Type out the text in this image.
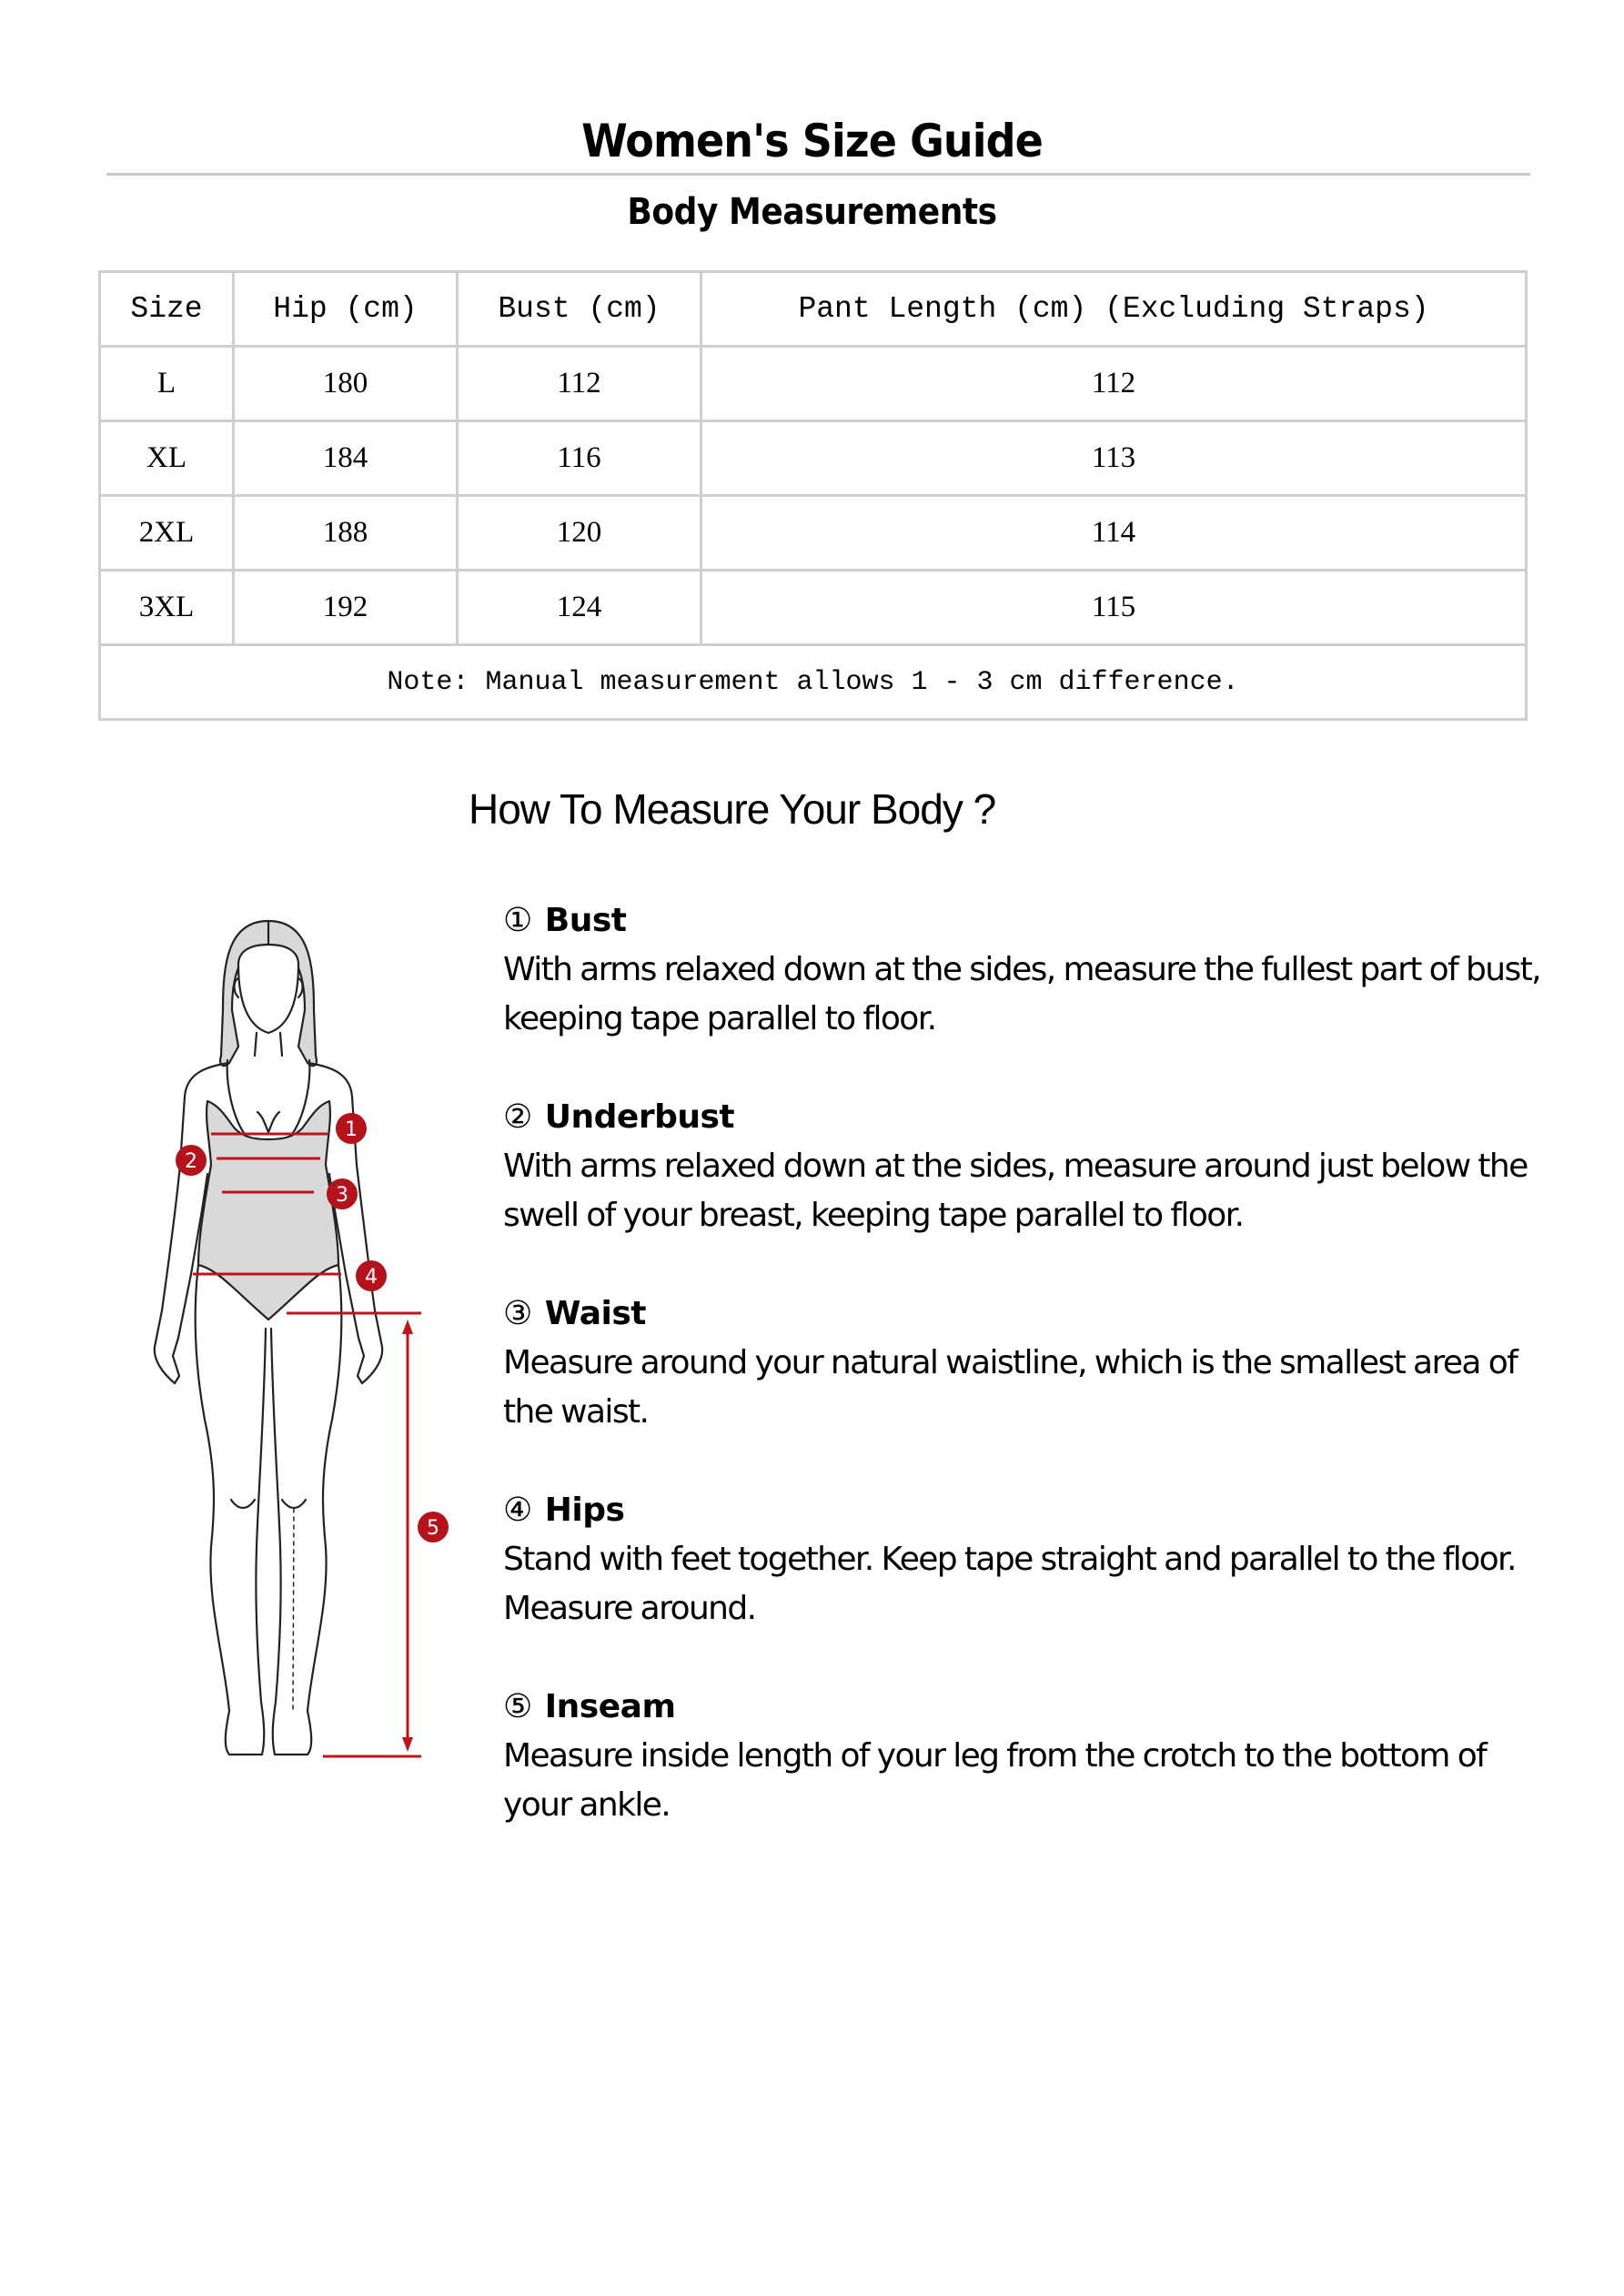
Women's Size Guide
Body Measurements
Size	Hip (cm)	Bust (cm)	Pant Length (cm) (Excluding Straps)
L	180	112	112
XL	184	116	113
2XL	188	120	114
3XL	192	124	115
Note: Manual measurement allows 1 - 3 cm difference.			
How To Measure Your Body ?
1
2
3
4
5
① Bust
With arms relaxed down at the sides, measure the fullest part of bust, keeping tape parallel to floor.
② Underbust
With arms relaxed down at the sides, measure around just below the swell of your breast, keeping tape parallel to floor.
③ Waist
Measure around your natural waistline, which is the smallest area of the waist.
④ Hips
Stand with feet together. Keep tape straight and parallel to the floor. Measure around.
⑤ Inseam
Measure inside length of your leg from the crotch to the bottom of your ankle.
